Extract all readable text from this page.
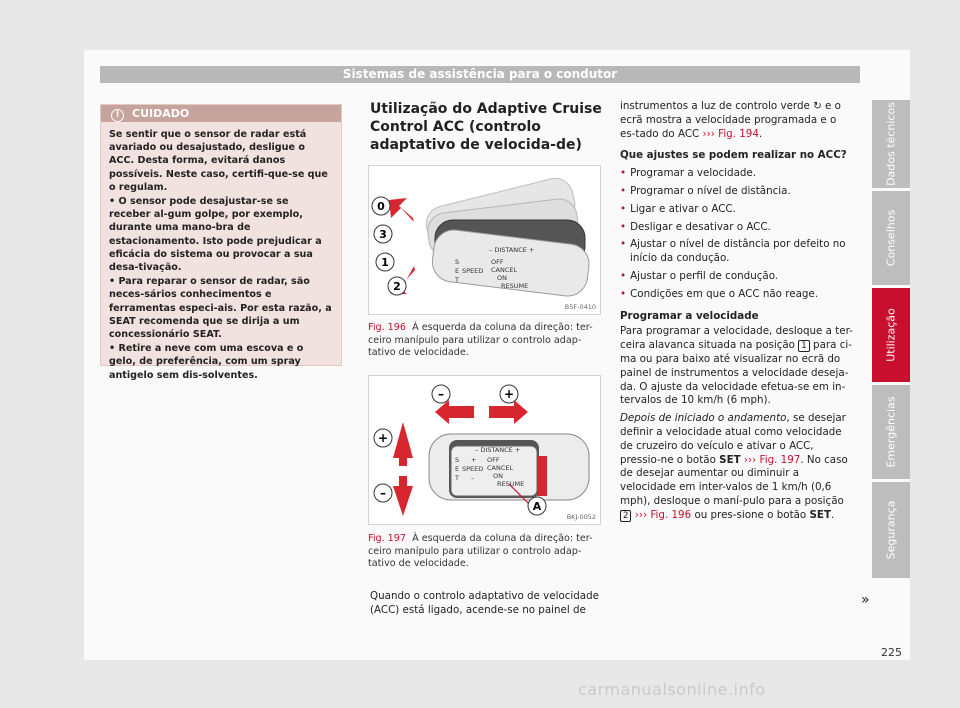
Sistemas de assistência para o condutor
! CUIDADO

Se sentir que o sensor de radar está avariado ou desajustado, desligue o ACC. Desta forma, evitará danos possíveis. Neste caso, certifi-que-se que o regulam.

• O sensor pode desajustar-se se receber al-gum golpe, por exemplo, durante uma mano-bra de estacionamento. Isto pode prejudicar a eficácia do sistema ou provocar a sua desa-tivação.

• Para reparar o sensor de radar, são neces-sários conhecimentos e ferramentas especi-ais. Por esta razão, a SEAT recomenda que se dirija a um concessionário SEAT.

• Retire a neve com uma escova e o gelo, de preferência, com um spray antigelo sem dis-solventes.

Utilização do Adaptive Cruise Control ACC (controlo adaptativo de velocida-de)
– DISTANCE +
S
E
T
SPEED
OFF
CANCEL
ON
RESUME
0
3
1
2
B5F-0410
Fig. 196 À esquerda da coluna da direção: ter-ceiro manípulo para utilizar o controlo adap-tativo de velocidade.
– DISTANCE +
S
E
T
SPEED
+
–
OFF
CANCEL
ON
RESUME
–	+
+
–
A
BKJ-0052
Fig. 197 À esquerda da coluna da direção: ter-ceiro manípulo para utilizar o controlo adap-tativo de velocidade.
Quando o controlo adaptativo de velocidade (ACC) está ligado, acende-se no painel de

instrumentos a luz de controlo verde ↻ e o ecrã mostra a velocidade programada e o es-tado do ACC ››› Fig. 194.

Que ajustes se podem realizar no ACC?

• Programar a velocidade.

• Programar o nível de distância.

• Ligar e ativar o ACC.

• Desligar e desativar o ACC.

• Ajustar o nível de distância por defeito no início da condução.

• Ajustar o perfil de condução.

• Condições em que o ACC não reage.

Programar a velocidade

Para programar a velocidade, desloque a ter-ceira alavanca situada na posição 1 para ci-ma ou para baixo até visualizar no ecrã do painel de instrumentos a velocidade deseja-da. O ajuste da velocidade efetua-se em in-tervalos de 10 km/h (6 mph).

Depois de iniciado o andamento, se desejar definir a velocidade atual como velocidade de cruzeiro do veículo e ativar o ACC, pressio-ne o botão SET ››› Fig. 197. No caso de desejar aumentar ou diminuir a velocidade em inter-valos de 1 km/h (0,6 mph), desloque o maní-pulo para a posição 2 ››› Fig. 196 ou pres-sione o botão SET.

»
Dados técnicos
Conselhos
Utilização
Emergências
Segurança
225
carmanualsonline.info
